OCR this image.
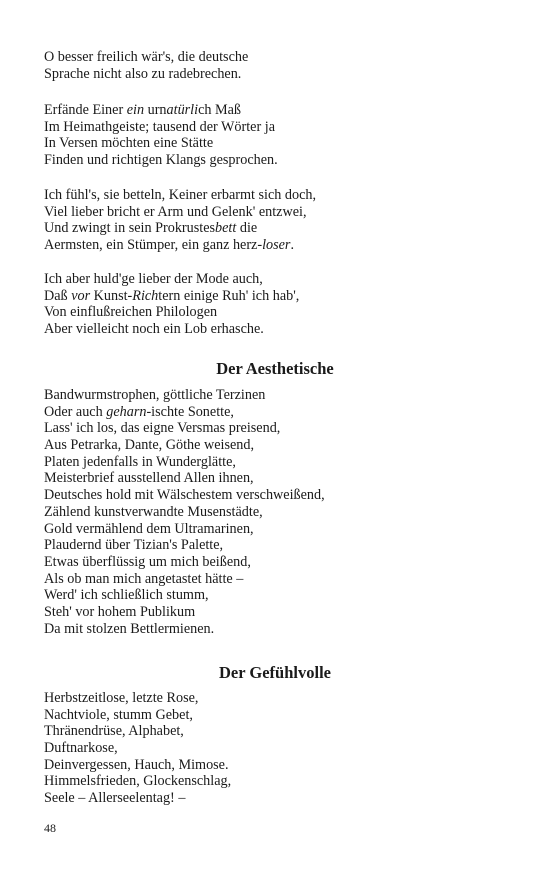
O besser freilich wär's, die deutsche
Sprache nicht also zu radebrechen.
Erfände Einer ein urnatürlich Maß
Im Heimathgeiste; tausend der Wörter ja
In Versen möchten eine Stätte
Finden und richtigen Klangs gesprochen.
Ich fühl's, sie betteln, Keiner erbarmt sich doch,
Viel lieber bricht er Arm und Gelenk' entzwei,
Und zwingt in sein Prokrustesbett die
Aermsten, ein Stümper, ein ganz herz-loser.
Ich aber huld'ge lieber der Mode auch,
Daß vor Kunst-Richtern einige Ruh' ich hab',
Von einflußreichen Philologen
Aber vielleicht noch ein Lob erhasche.
Der Aesthetische
Bandwurmstrophen, göttliche Terzinen
Oder auch geharn-ischte Sonette,
Lass' ich los, das eigne Versmas preisend,
Aus Petrarka, Dante, Göthe weisend,
Platen jedenfalls in Wunderglätte,
Meisterbrief ausstellend Allen ihnen,
Deutsches hold mit Wälschestem verschweißend,
Zählend kunstverwandte Musenstädte,
Gold vermählend dem Ultramarinen,
Plaudernd über Tizian's Palette,
Etwas überflüssig um mich beißend,
Als ob man mich angetastet hätte –
Werd' ich schließlich stumm,
Steh' vor hohem Publikum
Da mit stolzen Bettlermienen.
Der Gefühlvolle
Herbstzeitlose, letzte Rose,
Nachtviole, stumm Gebet,
Thränendrüse, Alphabet,
Duftnarkose,
Deinvergessen, Hauch, Mimose.
Himmelsfrieden, Glockenschlag,
Seele – Allerseelentag! –
48
